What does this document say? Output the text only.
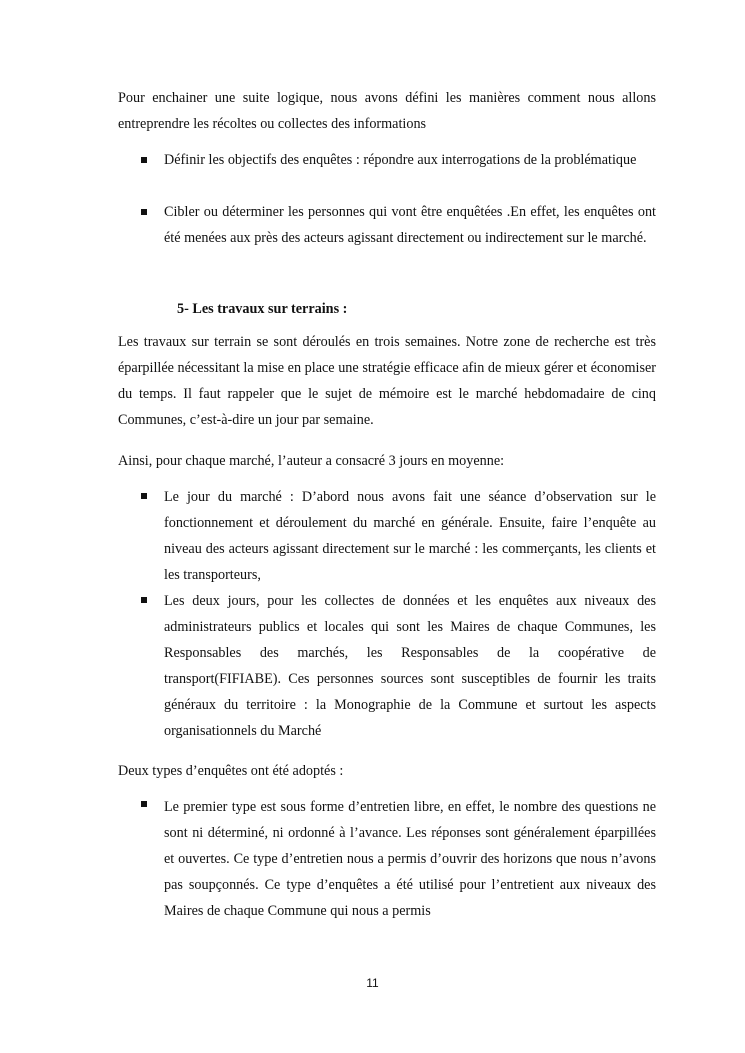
Pour enchainer une suite logique, nous avons défini les manières comment nous allons entreprendre les récoltes ou collectes des informations

Définir les objectifs des enquêtes : répondre aux interrogations de la problématique

Cibler ou déterminer les personnes qui vont être enquêtées .En effet, les enquêtes ont été menées aux près des acteurs agissant directement ou indirectement sur le marché.

5- Les travaux sur terrains :

Les travaux sur terrain se sont déroulés en trois semaines. Notre zone de recherche est très éparpillée nécessitant la mise en place une stratégie efficace afin de mieux gérer et économiser du temps. Il faut rappeler que le sujet de mémoire est le marché hebdomadaire de cinq Communes, c’est-à-dire un jour par semaine.

Ainsi, pour chaque marché, l’auteur a consacré 3 jours en moyenne:

Le jour du marché : D’abord nous avons fait une séance d’observation sur le fonctionnement et déroulement du marché en générale. Ensuite, faire l’enquête au niveau des acteurs agissant directement sur le marché : les commerçants, les clients et les transporteurs,

Les deux jours, pour les collectes de données et les enquêtes aux niveaux des administrateurs publics et locales qui sont les Maires de chaque Communes, les Responsables des marchés, les Responsables de la coopérative de transport(FIFIABE). Ces personnes sources sont susceptibles de fournir les traits généraux du territoire : la Monographie de la Commune et surtout les aspects organisationnels du Marché

Deux types d’enquêtes ont été adoptés :

Le premier type est sous forme d’entretien libre, en effet, le nombre des questions ne sont ni déterminé, ni ordonné à l’avance. Les réponses sont généralement éparpillées et ouvertes. Ce type d’entretien nous a permis d’ouvrir des horizons que nous n’avons pas soupçonnés. Ce type d’enquêtes a été utilisé pour l’entretient aux niveaux des Maires de chaque Commune qui nous a permis

11
